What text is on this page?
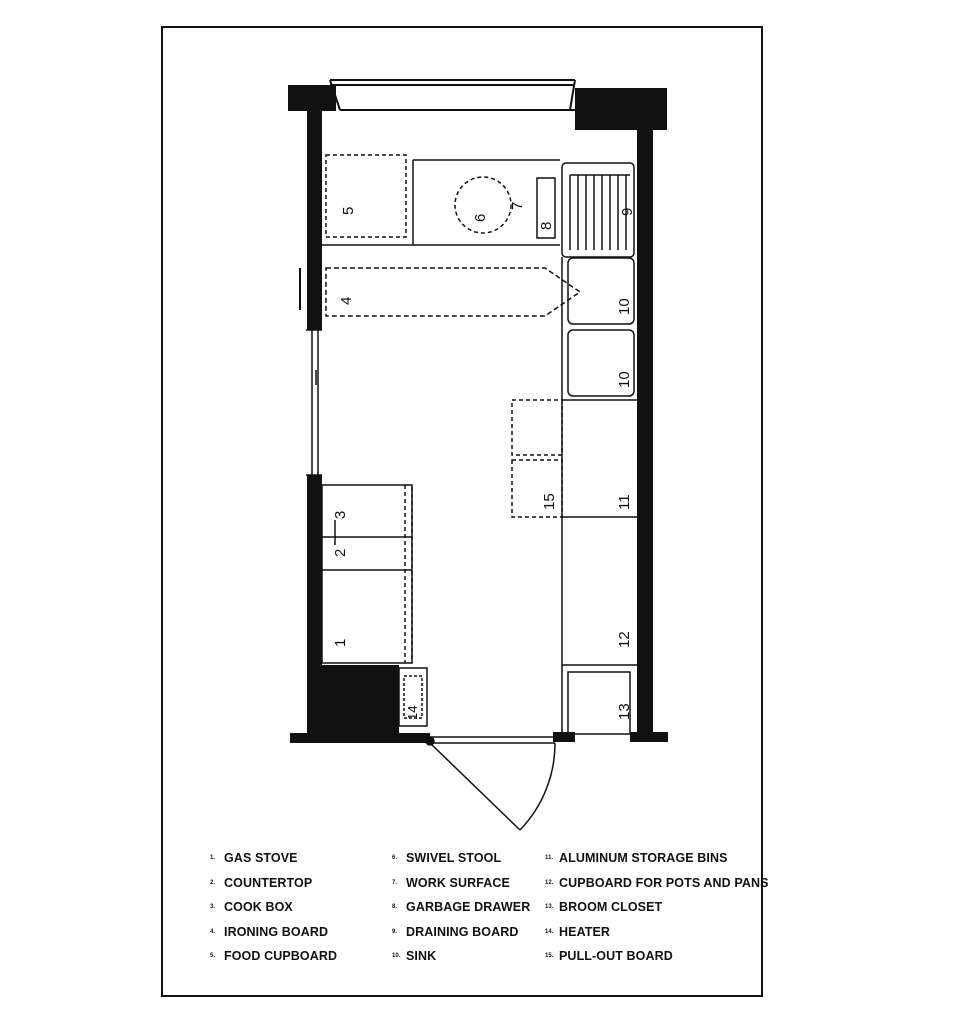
5
6
7
8
9
4	10
10
15	11
12
13
3
2
1
14
1. GAS STOVE
2. COUNTERTOP
3. COOK BOX
4. IRONING BOARD
5. FOOD CUPBOARD
6. SWIVEL STOOL
7. WORK SURFACE
8. GARBAGE DRAWER
9. DRAINING BOARD
10. SINK
11. ALUMINUM STORAGE BINS
12. CUPBOARD FOR POTS AND PANS
13. BROOM CLOSET
14. HEATER
15. PULL-OUT BOARD
